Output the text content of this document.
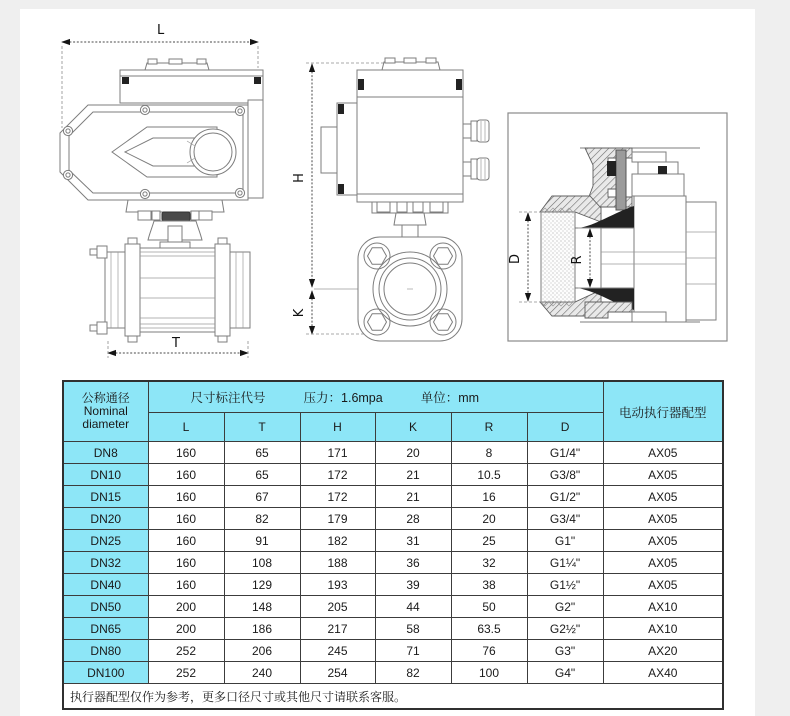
L
T
H
K
D	R
公称通径
Nominal
diameter	尺寸标注代号 压力：1.6mpa 单位：mm						电动执行器配型
	L	T	H	K	R	D	
DN8	160	65	171	20	8	G1/4"	AX05
DN10	160	65	172	21	10.5	G3/8"	AX05
DN15	160	67	172	21	16	G1/2"	AX05
DN20	160	82	179	28	20	G3/4"	AX05
DN25	160	91	182	31	25	G1"	AX05
DN32	160	108	188	36	32	G1¼"	AX05
DN40	160	129	193	39	38	G1½"	AX05
DN50	200	148	205	44	50	G2"	AX10
DN65	200	186	217	58	63.5	G2½"	AX10
DN80	252	206	245	71	76	G3"	AX20
DN100	252	240	254	82	100	G4"	AX40
执行器配型仅作为参考，更多口径尺寸或其他尺寸请联系客服。							
